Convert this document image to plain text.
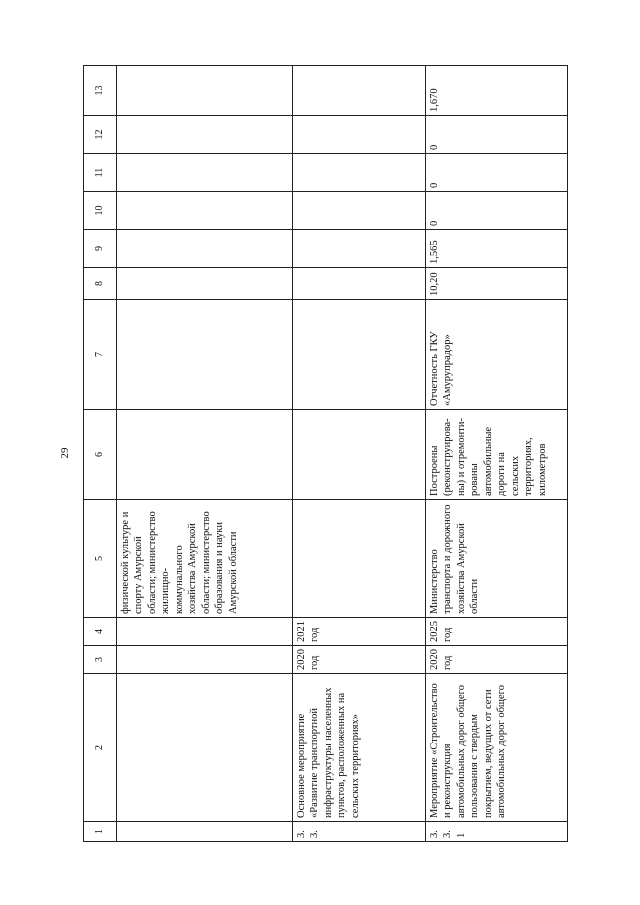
29
1	2	3	4	5	6	7	8	9	10	11	12	13
				физической культуре и спорту Амурской области; министерство жилищно-коммунального хозяйства Амурской области; министерство образования и науки Амурской области								
3.3.	Основное мероприятие «Развитие транспортной инфраструктуры населенных пунктов, расположенных на сельских территориях»	2020 год	2021 год									
3.3.1	Мероприятие «Строительство и реконструкция автомобильных дорог общего пользования с твердым покрытием, ведущих от сети автомобильных дорог общего	2020 год	2025 год	Министерство транспорта и дорожного хозяйства Амурской области	Построены (реконструирова-ны) и отремонти-рованы автомобильные дороги на сельских территориях, километров	Отчетность ГКУ «Амурупрадор»	10,20	1,565	0	0	0	1,670
